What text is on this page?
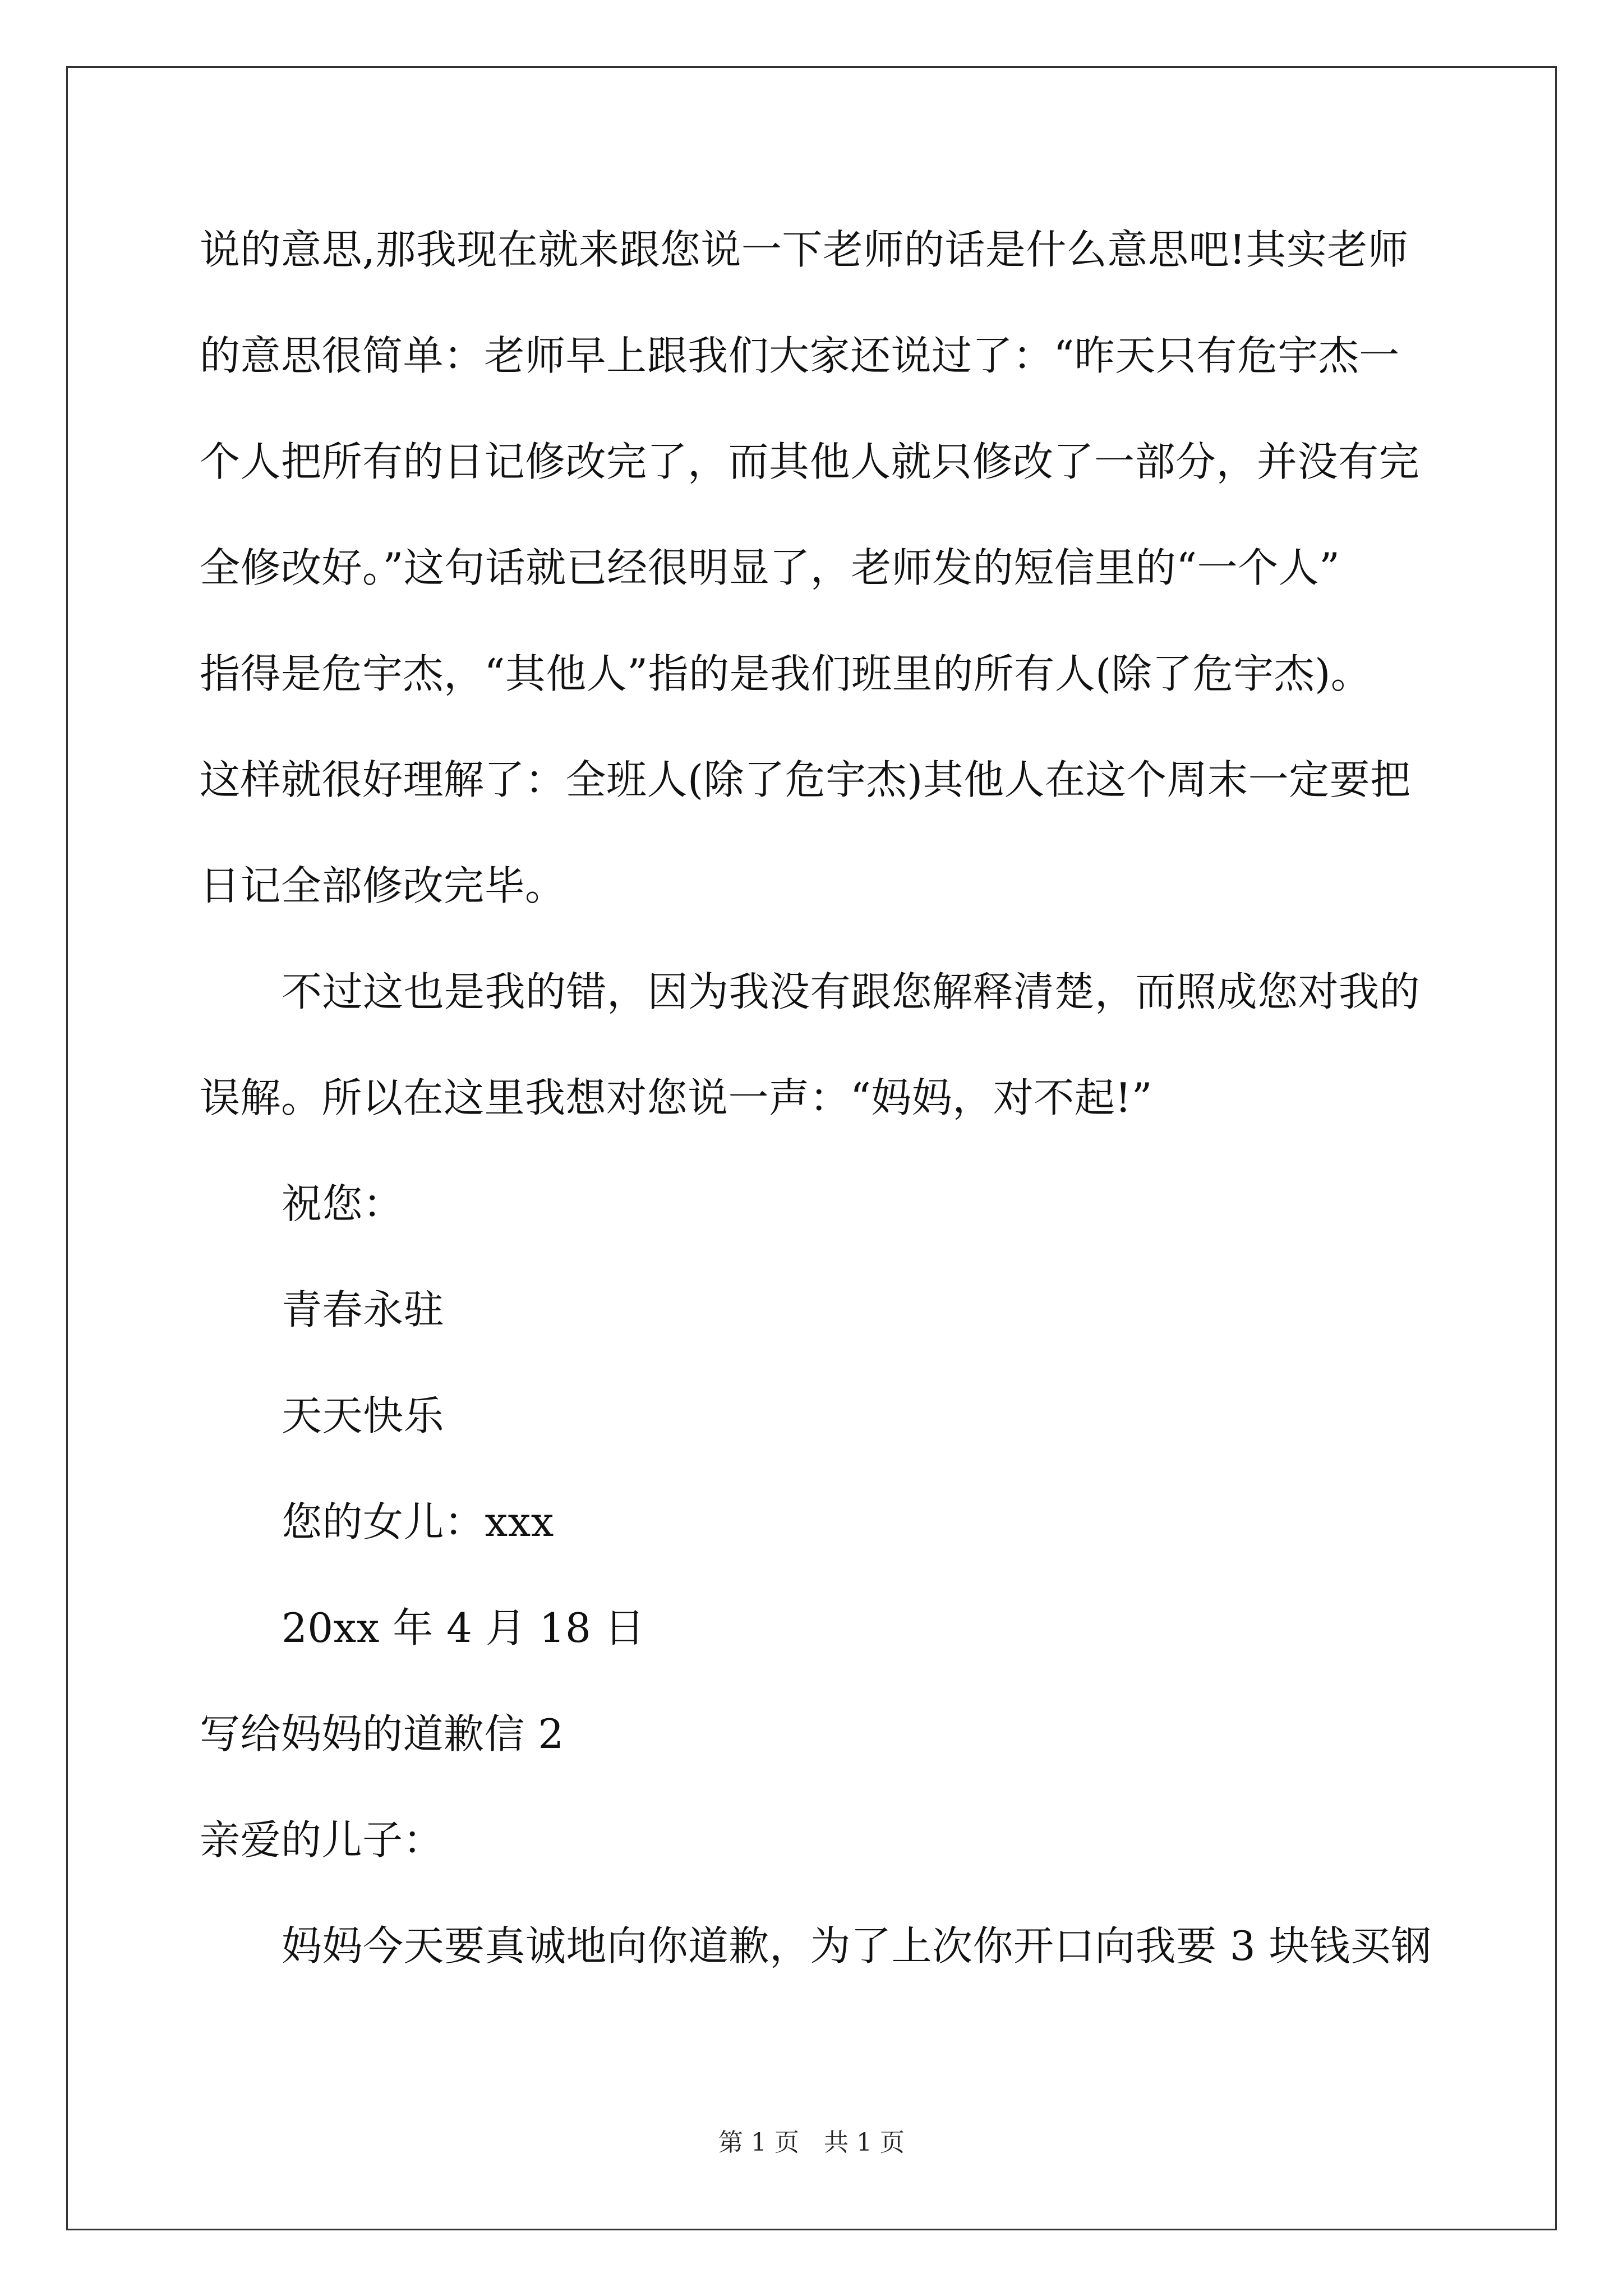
说的意思,那我现在就来跟您说一下老师的话是什么意思吧!其实老师
的意思很简单：老师早上跟我们大家还说过了：“昨天只有危宇杰一
个人把所有的日记修改完了，而其他人就只修改了一部分，并没有完
全修改好。”这句话就已经很明显了，老师发的短信里的“一个人”
指得是危宇杰，“其他人”指的是我们班里的所有人(除了危宇杰)。
这样就很好理解了：全班人(除了危宇杰)其他人在这个周末一定要把
日记全部修改完毕。
不过这也是我的错，因为我没有跟您解释清楚，而照成您对我的
误解。所以在这里我想对您说一声：“妈妈，对不起!”
祝您：
青春永驻
天天快乐
您的女儿：xxx
20xx 年 4 月 18 日
写给妈妈的道歉信 2
亲爱的儿子：
妈妈今天要真诚地向你道歉，为了上次你开口向我要 3 块钱买钢
第 1 页　共 1 页
